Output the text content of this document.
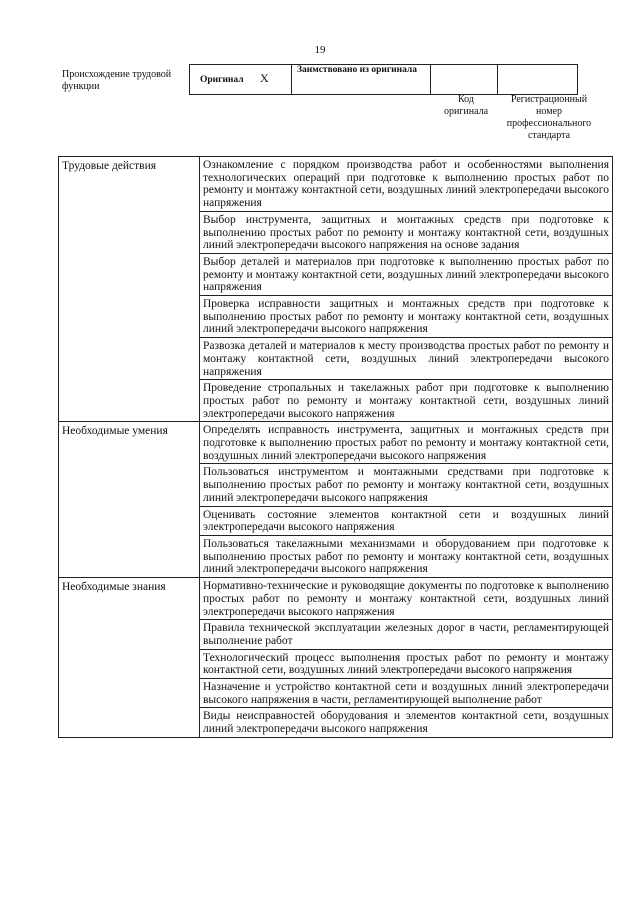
19
Происхождение трудовой функции
Оригинал X	Заимствовано из оригинала		
Код оригинала
Регистрационный номер профессионального стандарта
Трудовые действия	Ознакомление с порядком производства работ и особенностями выполнения технологических операций при подготовке к выполнению простых работ по ремонту и монтажу контактной сети, воздушных линий электропередачи высокого напряжения
	Выбор инструмента, защитных и монтажных средств при подготовке к выполнению простых работ по ремонту и монтажу контактной сети, воздушных линий электропередачи высокого напряжения на основе задания
	Выбор деталей и материалов при подготовке к выполнению простых работ по ремонту и монтажу контактной сети, воздушных линий электропередачи высокого напряжения
	Проверка исправности защитных и монтажных средств при подготовке к выполнению простых работ по ремонту и монтажу контактной сети, воздушных линий электропередачи высокого напряжения
	Развозка деталей и материалов к месту производства простых работ по ремонту и монтажу контактной сети, воздушных линий электропередачи высокого напряжения
	Проведение стропальных и такелажных работ при подготовке к выполнению простых работ по ремонту и монтажу контактной сети, воздушных линий электропередачи высокого напряжения
Необходимые умения	Определять исправность инструмента, защитных и монтажных средств при подготовке к выполнению простых работ по ремонту и монтажу контактной сети, воздушных линий электропередачи высокого напряжения
	Пользоваться инструментом и монтажными средствами при подготовке к выполнению простых работ по ремонту и монтажу контактной сети, воздушных линий электропередачи высокого напряжения
	Оценивать состояние элементов контактной сети и воздушных линий электропередачи высокого напряжения
	Пользоваться такелажными механизмами и оборудованием при подготовке к выполнению простых работ по ремонту и монтажу контактной сети, воздушных линий электропередачи высокого напряжения
Необходимые знания	Нормативно-технические и руководящие документы по подготовке к выполнению простых работ по ремонту и монтажу контактной сети, воздушных линий электропередачи высокого напряжения
	Правила технической эксплуатации железных дорог в части, регламентирующей выполнение работ
	Технологический процесс выполнения простых работ по ремонту и монтажу контактной сети, воздушных линий электропередачи высокого напряжения
	Назначение и устройство контактной сети и воздушных линий электропередачи высокого напряжения в части, регламентирующей выполнение работ
	Виды неисправностей оборудования и элементов контактной сети, воздушных линий электропередачи высокого напряжения
